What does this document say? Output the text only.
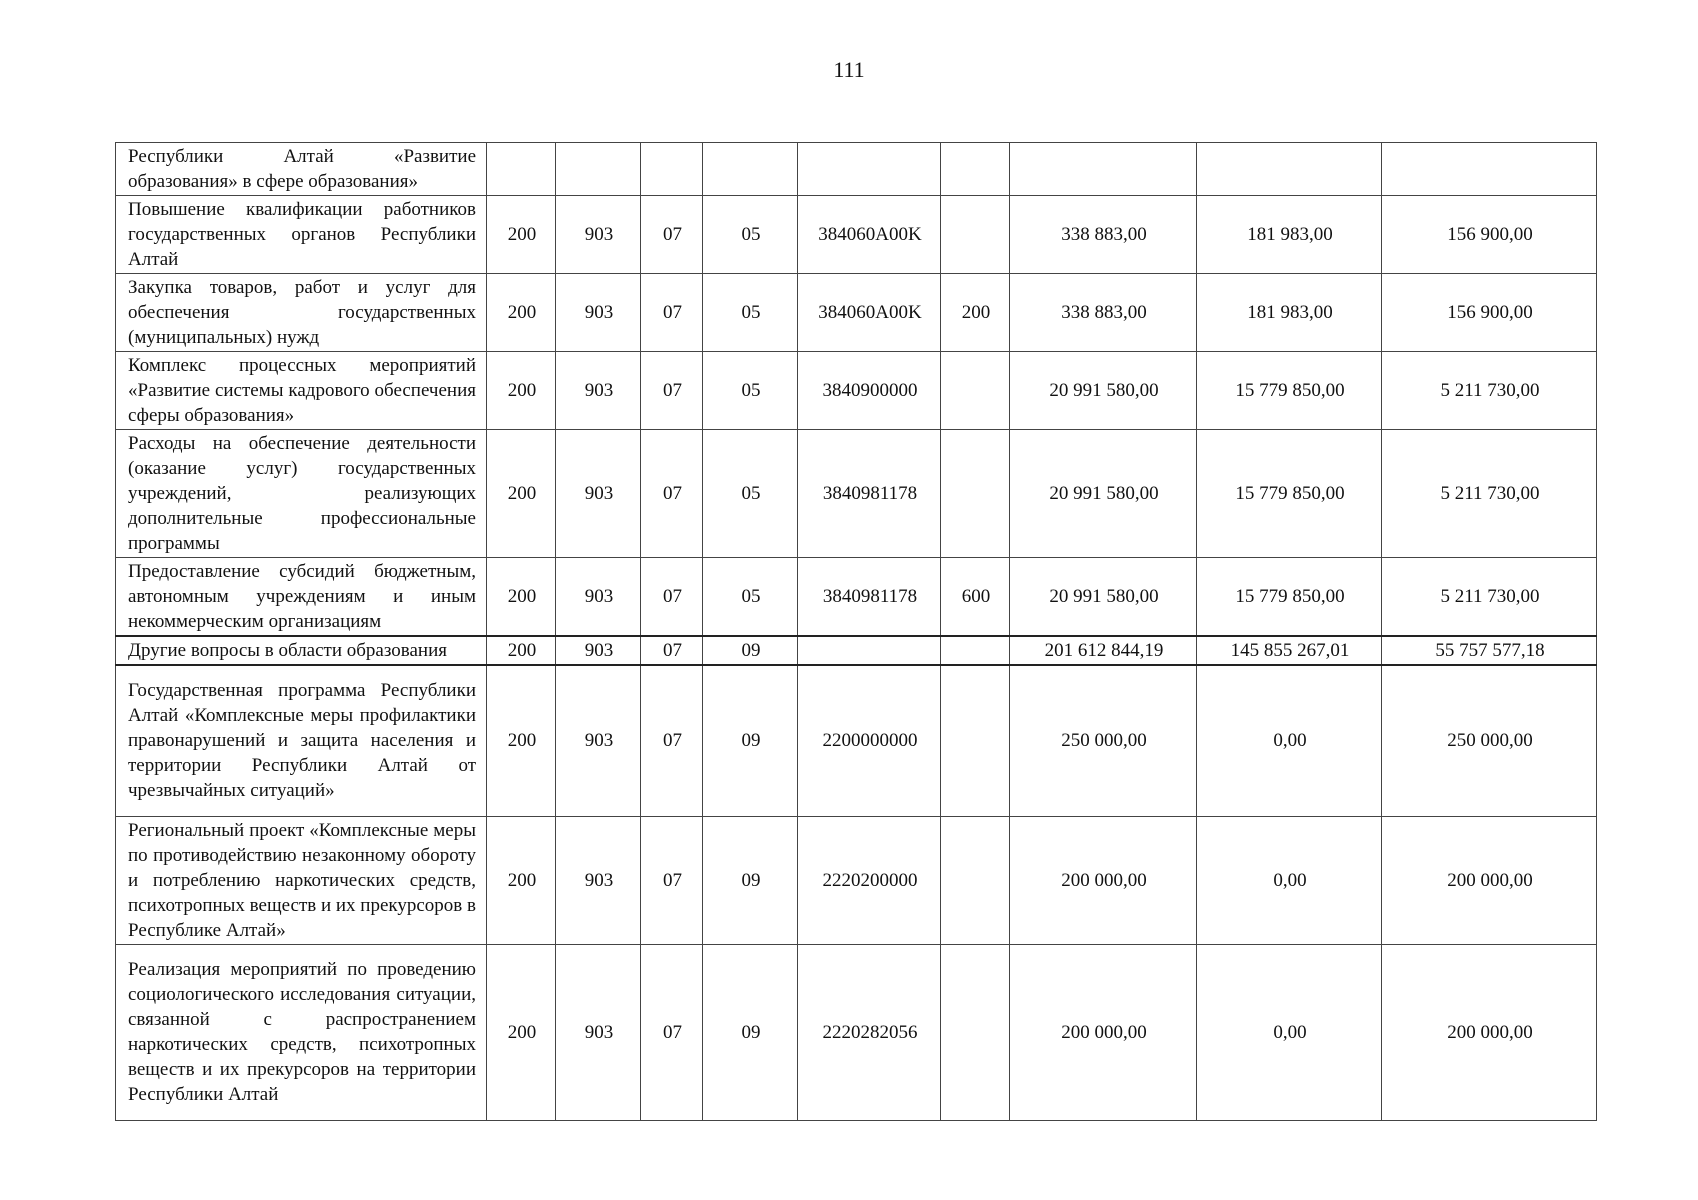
111
Республики Алтай «Развитие образования» в сфере образования»									
Повышение квалификации работников государственных органов Республики Алтай	200	903	07	05	384060A00K		338 883,00	181 983,00	156 900,00
Закупка товаров, работ и услуг для обеспечения государственных (муниципальных) нужд	200	903	07	05	384060A00K	200	338 883,00	181 983,00	156 900,00
Комплекс процессных мероприятий «Развитие системы кадрового обеспечения сферы образования»	200	903	07	05	3840900000		20 991 580,00	15 779 850,00	5 211 730,00
Расходы на обеспечение деятельности (оказание услуг) государственных учреждений, реализующих дополнительные профессиональные программы	200	903	07	05	3840981178		20 991 580,00	15 779 850,00	5 211 730,00
Предоставление субсидий бюджетным, автономным учреждениям и иным некоммерческим организациям	200	903	07	05	3840981178	600	20 991 580,00	15 779 850,00	5 211 730,00
Другие вопросы в области образования	200	903	07	09			201 612 844,19	145 855 267,01	55 757 577,18
Государственная программа Республики Алтай «Комплексные меры профилактики правонарушений и защита населения и территории Республики Алтай от чрезвычайных ситуаций»	200	903	07	09	2200000000		250 000,00	0,00	250 000,00
Региональный проект «Комплексные меры по противодействию незаконному обороту и потреблению наркотических средств, психотропных веществ и их прекурсоров в Республике Алтай»	200	903	07	09	2220200000		200 000,00	0,00	200 000,00
Реализация мероприятий по проведению социологического исследования ситуации, связанной с распространением наркотических средств, психотропных веществ и их прекурсоров на территории Республики Алтай	200	903	07	09	2220282056		200 000,00	0,00	200 000,00
